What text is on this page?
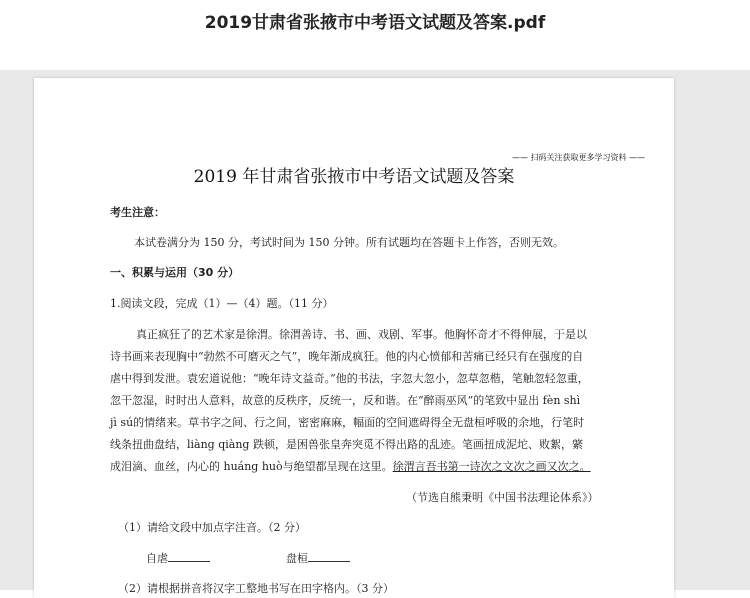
2019甘肃省张掖市中考语文试题及答案.pdf
—— 扫码关注获取更多学习资料 ——
2019 年甘肃省张掖市中考语文试题及答案
考生注意：
本试卷满分为 150 分，考试时间为 150 分钟。所有试题均在答题卡上作答，否则无效。
一、积累与运用（30 分）
1.阅读文段，完成（1）—（4）题。（11 分）
真正疯狂了的艺术家是徐渭。徐渭善诗、书、画、戏剧、军事。他胸怀奇才不得伸展，于是以
诗书画来表现胸中“勃然不可磨灭之气”，晚年渐成疯狂。他的内心愤郁和苦痛已经只有在强度的自
虐中得到发泄。袁宏道说他：“晚年诗文益奇。”他的书法，字忽大忽小，忽草忽楷，笔触忽轻忽重，
忽干忽湿，时时出人意料，故意的反秩序，反统一，反和谐。在“醉雨巫风”的笔致中显出 fèn shì
jì sú的情绪来。草书字之间、行之间，密密麻麻，幅面的空间遮碍得全无盘桓呼吸的余地，行笔时
线条扭曲盘结，liàng qiàng 跌顿，是困兽张皇奔突觅不得出路的乱迹。笔画扭成泥坨、败絮，綮
成泪滴、血丝，内心的 huáng huò与绝望都呈现在这里。徐渭言吾书第一诗次之文次之画又次之。
（节选自熊秉明《中国书法理论体系》）
（1）请给文段中加点字注音。（2 分）
自虐	盘桓
（2）请根据拼音将汉字工整地书写在田字格内。（3 分）
